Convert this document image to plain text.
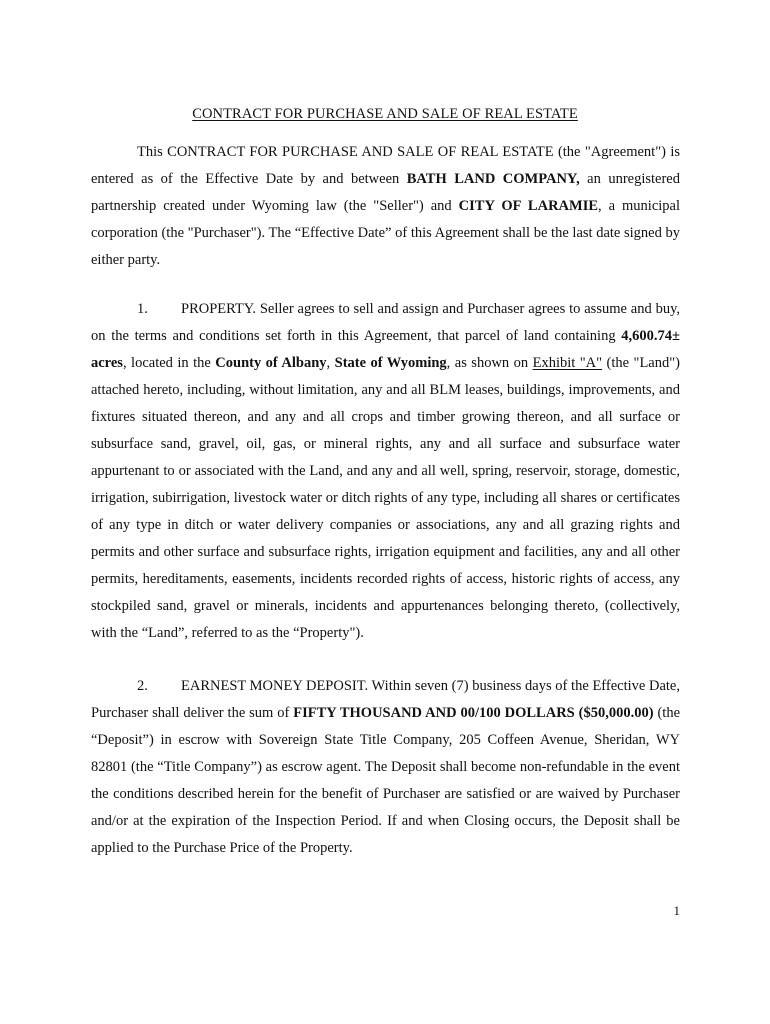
CONTRACT FOR PURCHASE AND SALE OF REAL ESTATE

This CONTRACT FOR PURCHASE AND SALE OF REAL ESTATE (the "Agreement") is entered as of the Effective Date by and between BATH LAND COMPANY, an unregistered partnership created under Wyoming law (the "Seller") and CITY OF LARAMIE, a municipal corporation (the "Purchaser"). The “Effective Date” of this Agreement shall be the last date signed by either party.

1. PROPERTY. Seller agrees to sell and assign and Purchaser agrees to assume and buy, on the terms and conditions set forth in this Agreement, that parcel of land containing 4,600.74± acres, located in the County of Albany, State of Wyoming, as shown on Exhibit "A" (the "Land") attached hereto, including, without limitation, any and all BLM leases, buildings, improvements, and fixtures situated thereon, and any and all crops and timber growing thereon, and all surface or subsurface sand, gravel, oil, gas, or mineral rights, any and all surface and subsurface water appurtenant to or associated with the Land, and any and all well, spring, reservoir, storage, domestic, irrigation, subirrigation, livestock water or ditch rights of any type, including all shares or certificates of any type in ditch or water delivery companies or associations, any and all grazing rights and permits and other surface and subsurface rights, irrigation equipment and facilities, any and all other permits, hereditaments, easements, incidents recorded rights of access, historic rights of access, any stockpiled sand, gravel or minerals, incidents and appurtenances belonging thereto, (collectively, with the “Land”, referred to as the “Property").

2. EARNEST MONEY DEPOSIT. Within seven (7) business days of the Effective Date, Purchaser shall deliver the sum of FIFTY THOUSAND AND 00/100 DOLLARS ($50,000.00) (the “Deposit”) in escrow with Sovereign State Title Company, 205 Coffeen Avenue, Sheridan, WY 82801 (the “Title Company”) as escrow agent. The Deposit shall become non-refundable in the event the conditions described herein for the benefit of Purchaser are satisfied or are waived by Purchaser and/or at the expiration of the Inspection Period. If and when Closing occurs, the Deposit shall be applied to the Purchase Price of the Property.

1
